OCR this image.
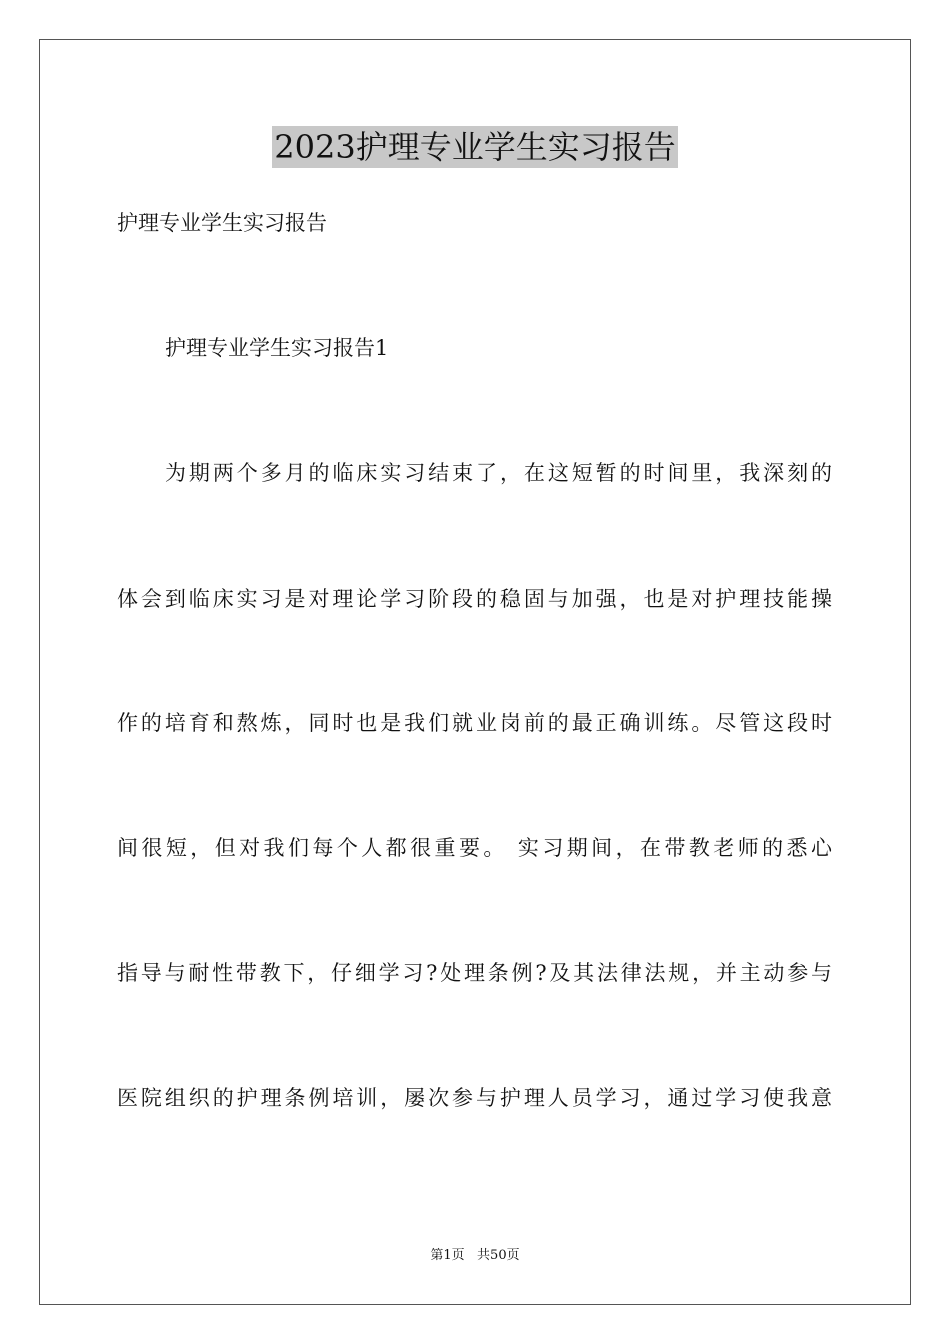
2023护理专业学生实习报告
护理专业学生实习报告
护理专业学生实习报告1
为期两个多月的临床实习结束了，在这短暂的时间里，我深刻的
体会到临床实习是对理论学习阶段的稳固与加强，也是对护理技能操
作的培育和熬炼，同时也是我们就业岗前的最正确训练。尽管这段时
间很短，但对我们每个人都很重要。 实习期间，在带教老师的悉心
指导与耐性带教下，仔细学习?处理条例?及其法律法规，并主动参与
医院组织的护理条例培训，屡次参与护理人员学习，通过学习使我意
第1页   共50页
